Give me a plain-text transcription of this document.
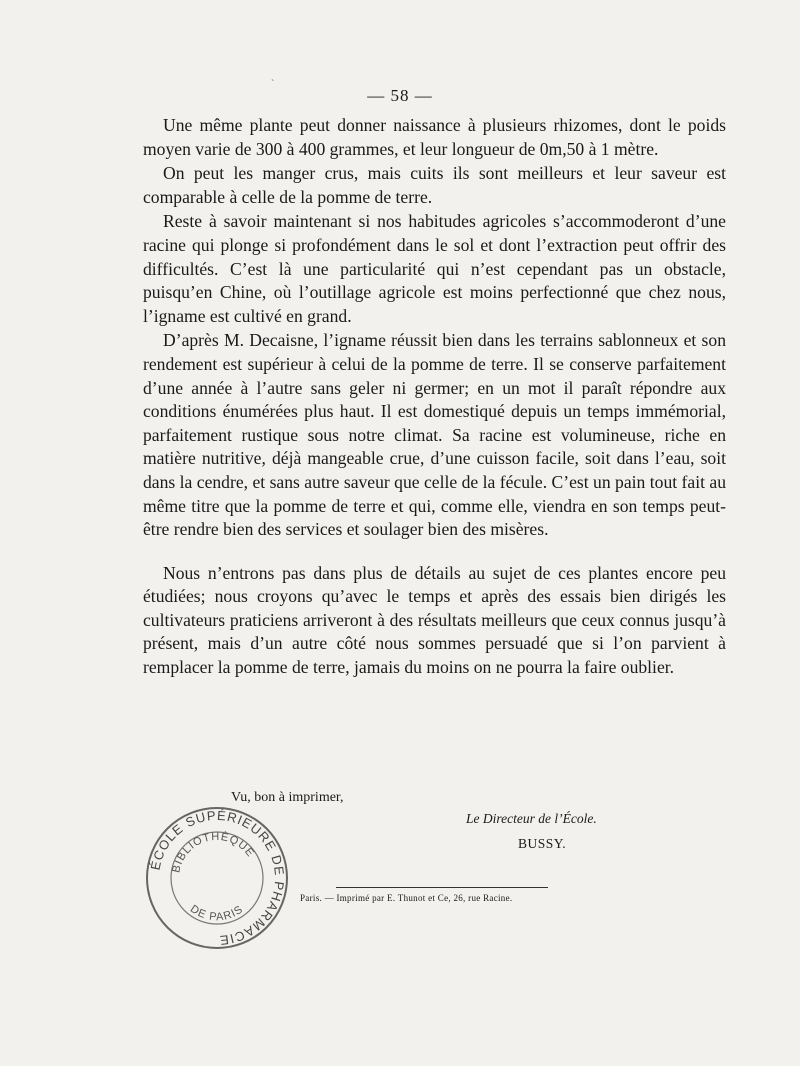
ˋ
— 58 —

Une même plante peut donner naissance à plusieurs rhizomes, dont le poids moyen varie de 300 à 400 grammes, et leur longueur de 0m,50 à 1 mètre.

On peut les manger crus, mais cuits ils sont meilleurs et leur saveur est comparable à celle de la pomme de terre.

Reste à savoir maintenant si nos habitudes agricoles s’accommoderont d’une racine qui plonge si profondément dans le sol et dont l’extraction peut offrir des difficultés. C’est là une particularité qui n’est cependant pas un obstacle, puisqu’en Chine, où l’outillage agricole est moins perfectionné que chez nous, l’igname est cultivé en grand.

D’après M. Decaisne, l’igname réussit bien dans les terrains sablonneux et son rendement est supérieur à celui de la pomme de terre. Il se conserve parfaitement d’une année à l’autre sans geler ni germer; en un mot il paraît répondre aux conditions énumérées plus haut. Il est domestiqué depuis un temps immémorial, parfaitement rustique sous notre climat. Sa racine est volumineuse, riche en matière nutritive, déjà mangeable crue, d’une cuisson facile, soit dans l’eau, soit dans la cendre, et sans autre saveur que celle de la fécule. C’est un pain tout fait au même titre que la pomme de terre et qui, comme elle, viendra en son temps peut-être rendre bien des services et soulager bien des misères.

Nous n’entrons pas dans plus de détails au sujet de ces plantes encore peu étudiées; nous croyons qu’avec le temps et après des essais bien dirigés les cultivateurs praticiens arriveront à des résultats meilleurs que ceux connus jusqu’à présent, mais d’un autre côté nous sommes persuadé que si l’on parvient à remplacer la pomme de terre, jamais du moins on ne pourra la faire oublier.

Vu, bon à imprimer,
Le Directeur de l’École.
BUSSY.
ÉCOLE SUPÉRIEURE DE PHARMACIE
BIBLIOTHÈQUE
DE PARIS
Paris. — Imprimé par E. Thunot et Ce, 26, rue Racine.
